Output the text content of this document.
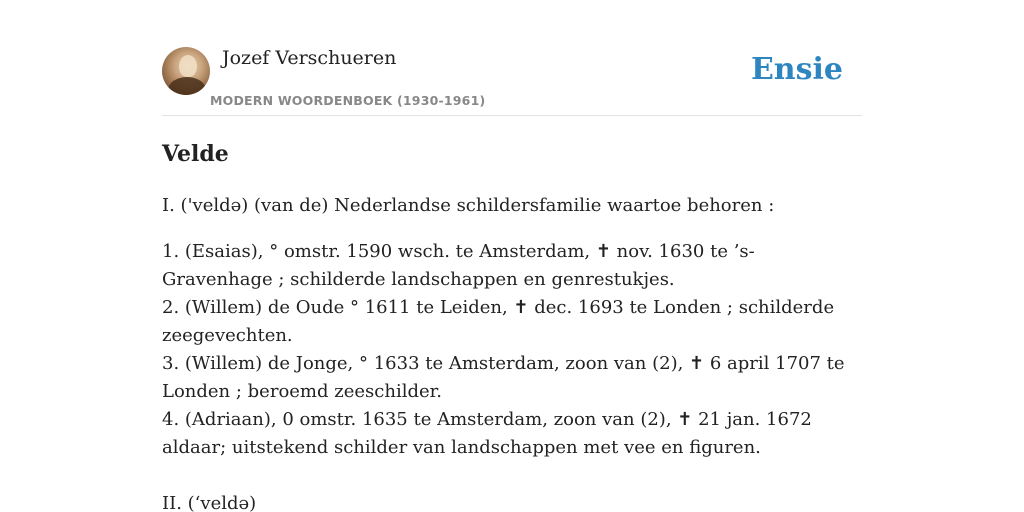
Jozef Verschueren
MODERN WOORDENBOEK (1930-1961)
Ensie
Velde

I. ('veldə) (van de) Nederlandse schildersfamilie waartoe behoren :

1. (Esaias), ° omstr. 1590 wsch. te Amsterdam, ✝ nov. 1630 te ’s-Gravenhage ; schilderde landschappen en genrestukjes.
2. (Willem) de Oude ° 1611 te Leiden, ✝ dec. 1693 te Londen ; schilderde zeegevechten.
3. (Willem) de Jonge, ° 1633 te Amsterdam, zoon van (2), ✝ 6 april 1707 te Londen ; beroemd zeeschilder.
4. (Adriaan), 0 omstr. 1635 te Amsterdam, zoon van (2), ✝ 21 jan. 1672 aldaar; uitstekend schilder van landschappen met vee en figuren.

II. (‘veldə)
